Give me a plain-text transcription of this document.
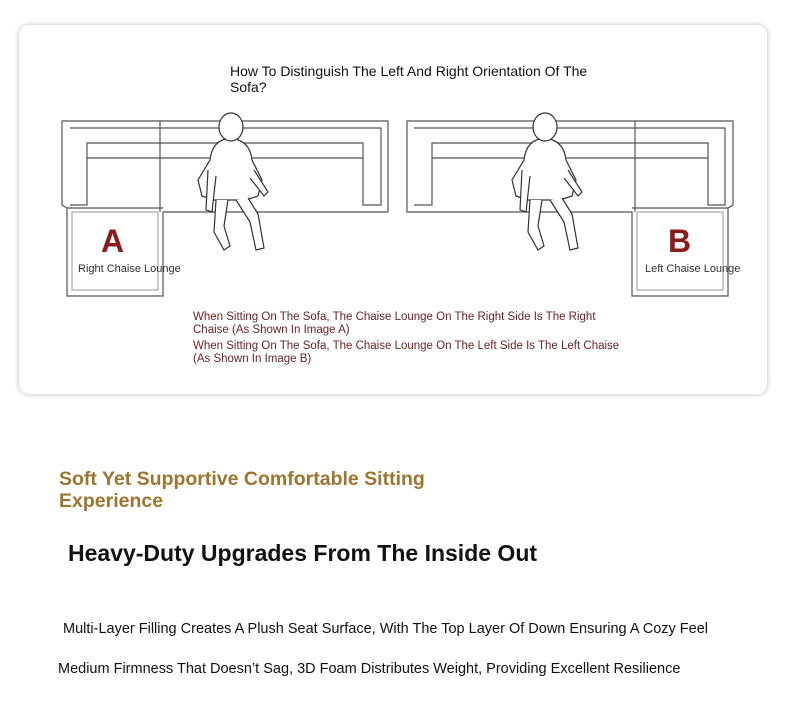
A	B
How To Distinguish The Left And Right Orientation Of The Sofa?
Right Chaise Lounge	Left Chaise Lounge
When Sitting On The Sofa, The Chaise Lounge On The Right Side Is The Right Chaise (As Shown In Image A)
When Sitting On The Sofa, The Chaise Lounge On The Left Side Is The Left Chaise (As Shown In Image B)
Soft Yet Supportive Comfortable Sitting Experience
Heavy-Duty Upgrades From The Inside Out
Multi-Layer Filling Creates A Plush Seat Surface, With The Top Layer Of Down Ensuring A Cozy Feel
Medium Firmness That Doesn’t Sag, 3D Foam Distributes Weight, Providing Excellent Resilience
